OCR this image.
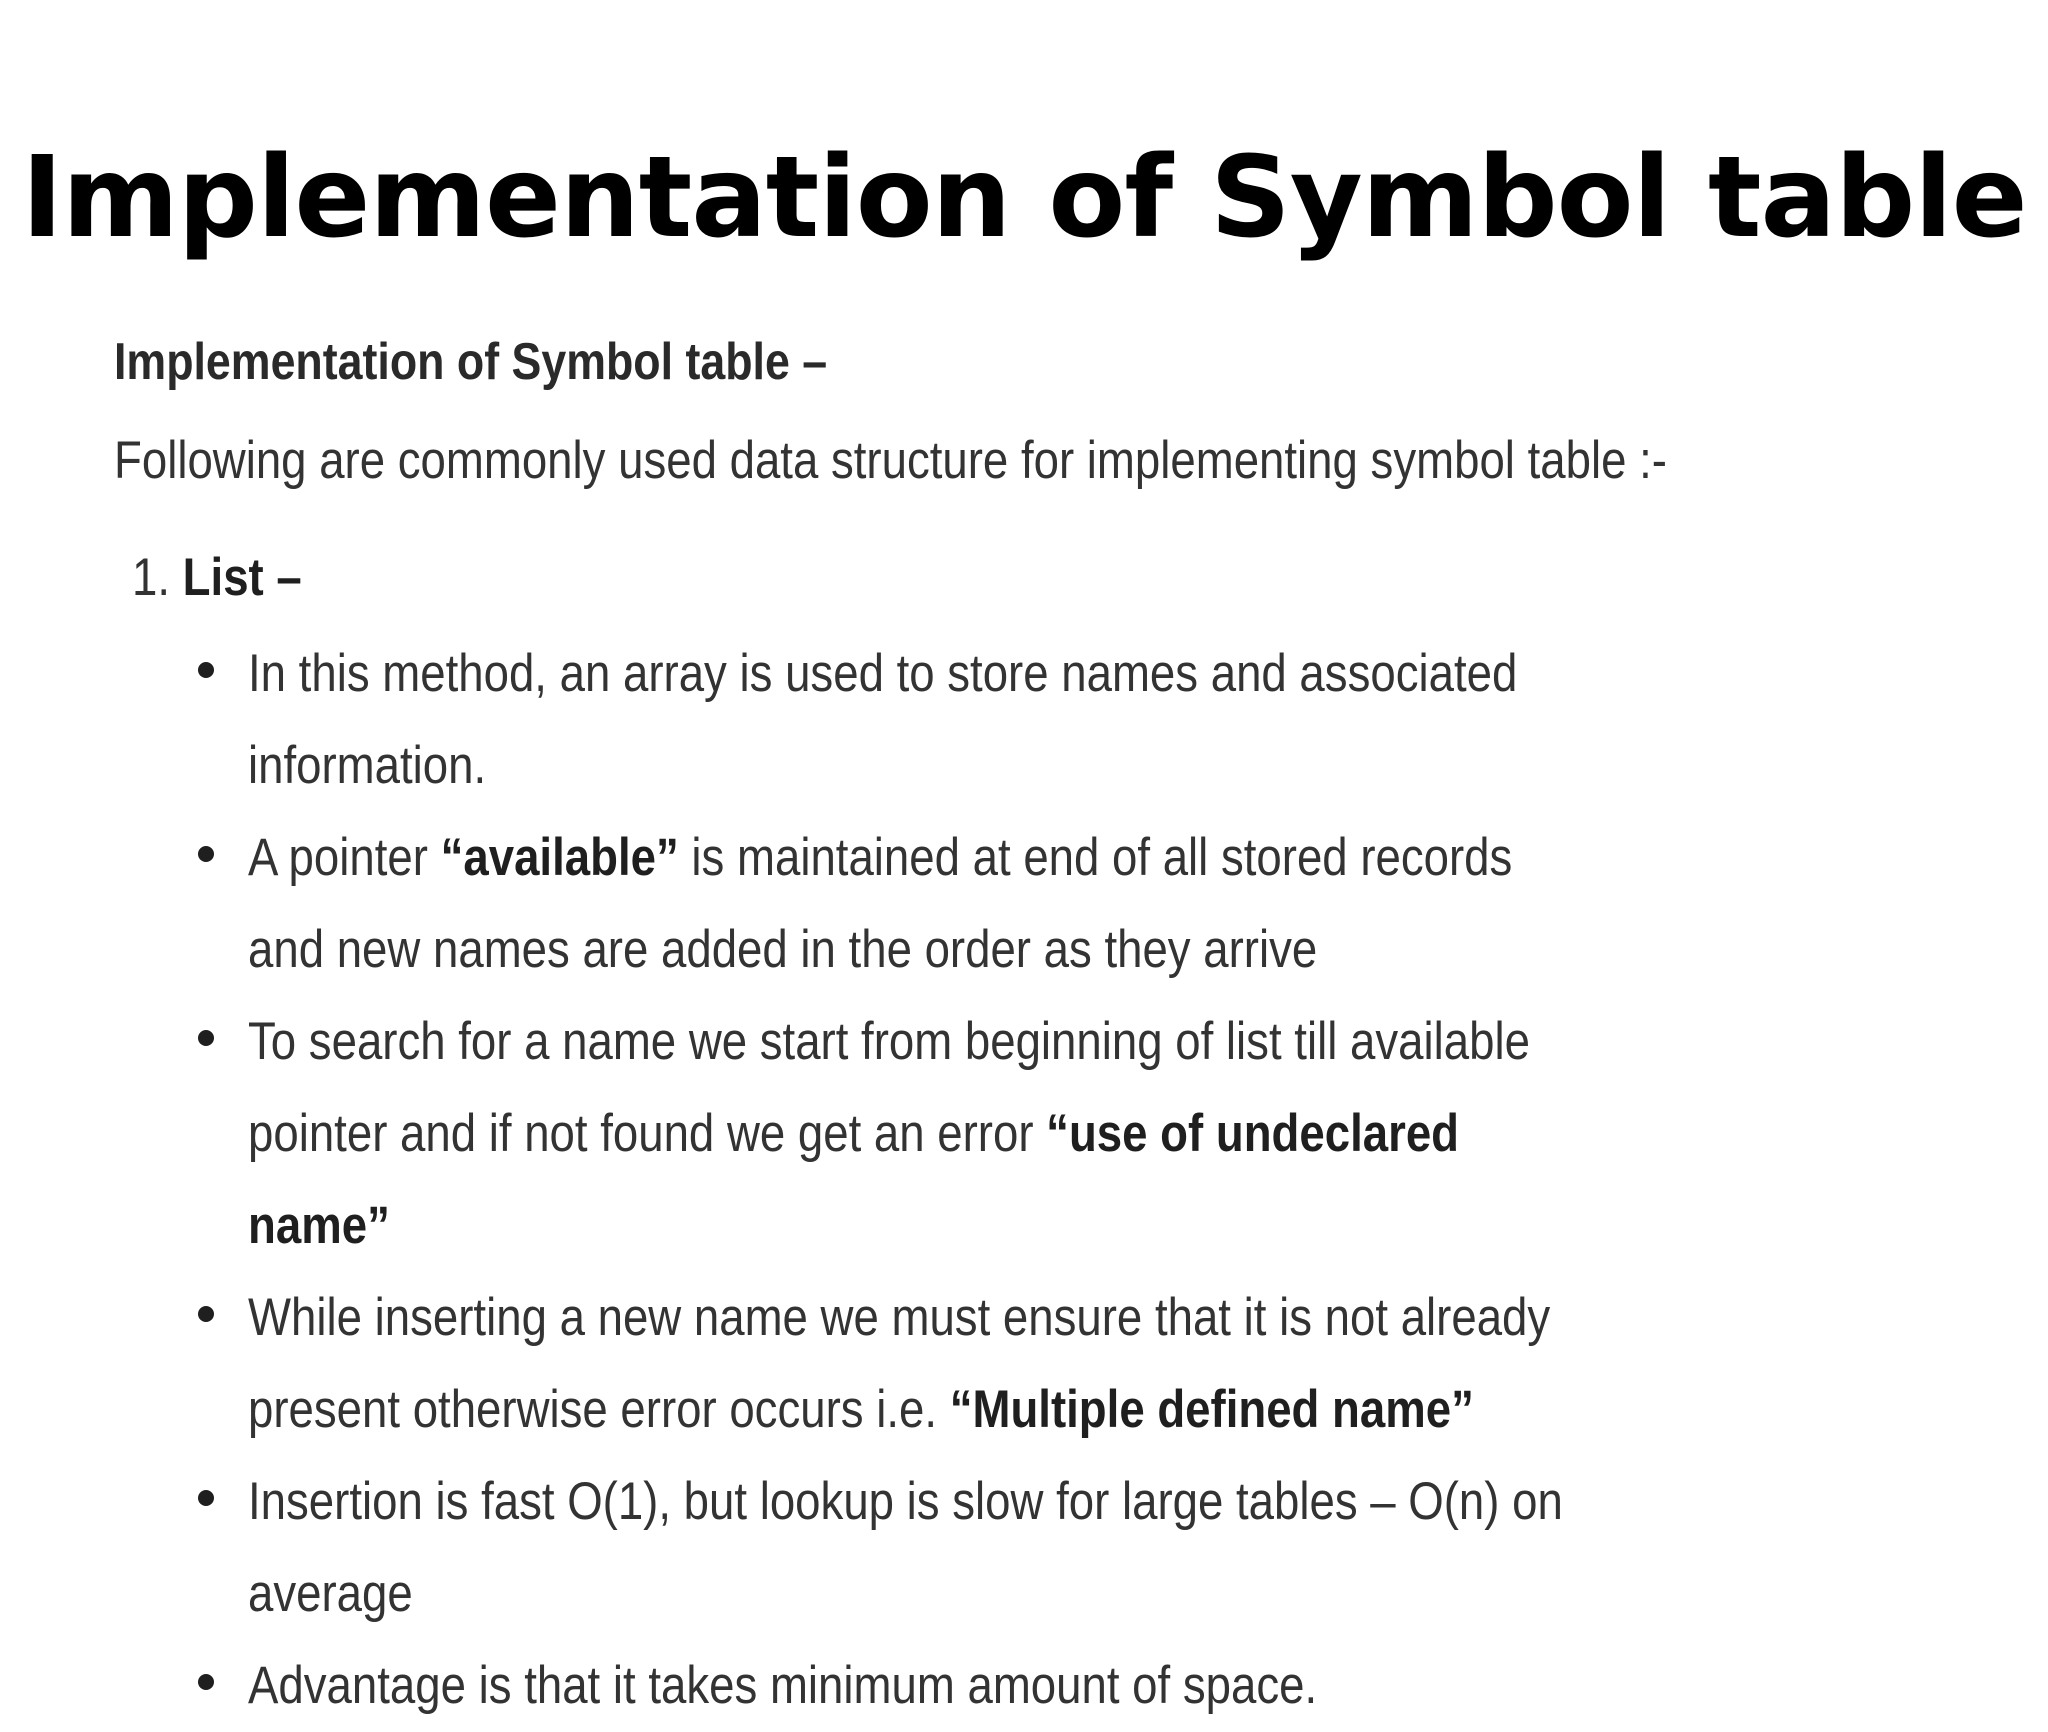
Implementation of Symbol table
Implementation of Symbol table –
Following are commonly used data structure for implementing symbol table :-
1. List –
In this method, an array is used to store names and associated information.
A pointer “available” is maintained at end of all stored records and new names are added in the order as they arrive
To search for a name we start from beginning of list till available pointer and if not found we get an error “use of undeclared name”
While inserting a new name we must ensure that it is not already present otherwise error occurs i.e. “Multiple defined name”
Insertion is fast O(1), but lookup is slow for large tables – O(n) on average
Advantage is that it takes minimum amount of space.
